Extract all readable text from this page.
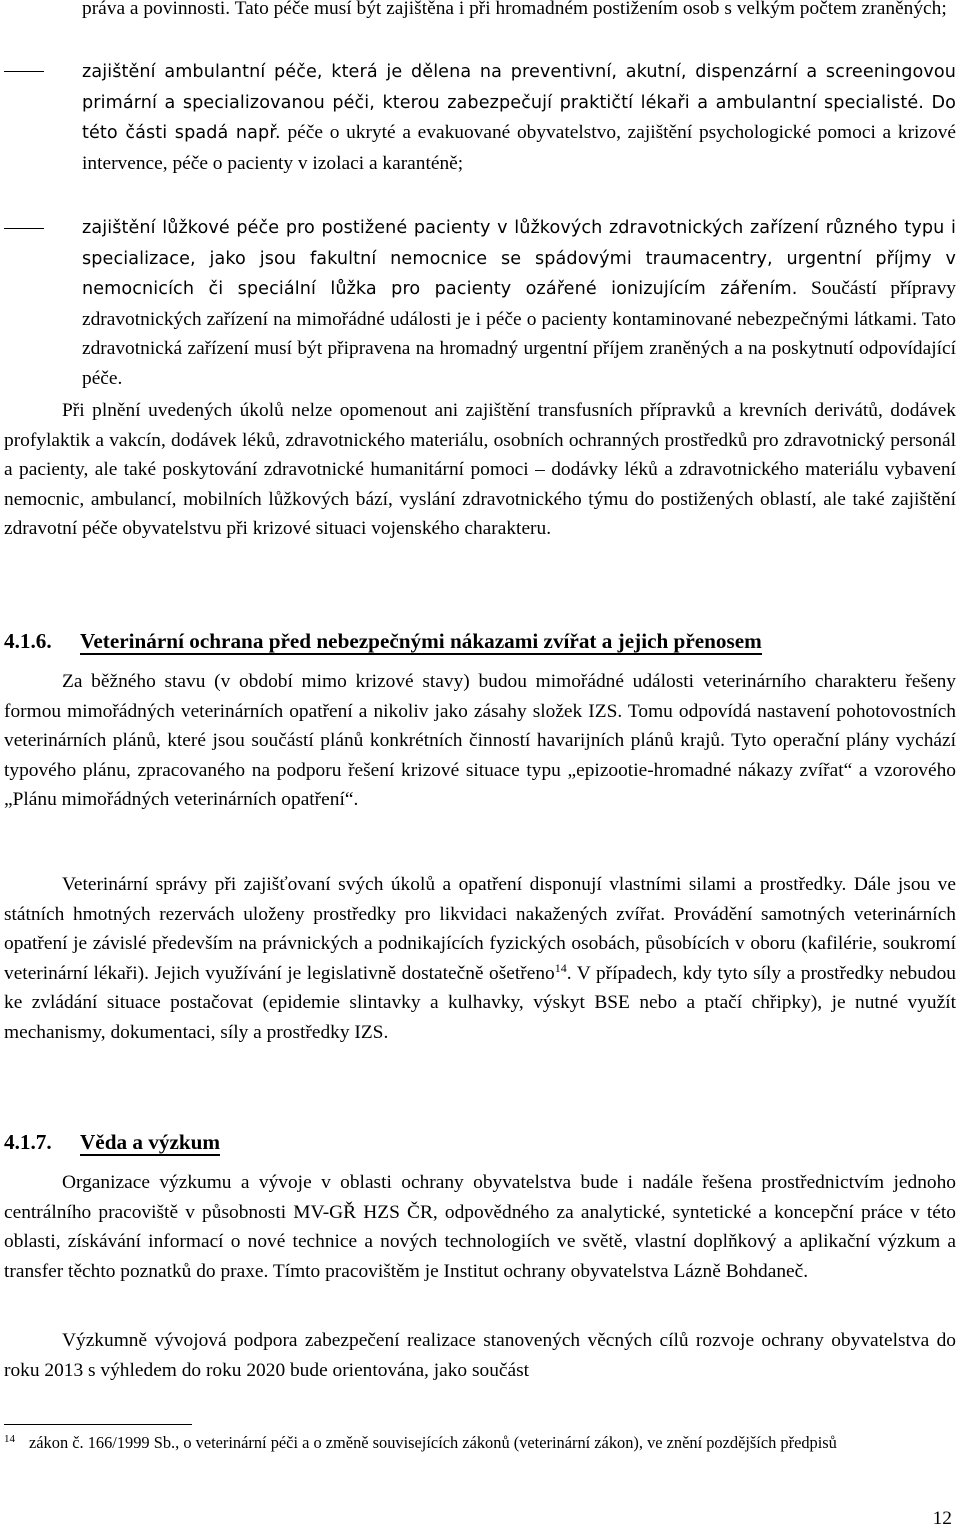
práva a povinnosti. Tato péče musí být zajištěna i při hromadném postižením osob s velkým počtem zraněných;

zajištění ambulantní péče, která je dělena na preventivní, akutní, dispenzární a screeningovou primární a specializovanou péči, kterou zabezpečují praktičtí lékaři a ambulantní specialisté. Do této části spadá např. péče o ukryté a evakuované obyvatelstvo, zajištění psychologické pomoci a krizové intervence, péče o pacienty v izolaci a karanténě;

zajištění lůžkové péče pro postižené pacienty v lůžkových zdravotnických zařízení různého typu i specializace, jako jsou fakultní nemocnice se spádovými traumacentry, urgentní příjmy v nemocnicích či speciální lůžka pro pacienty ozářené ionizujícím zářením. Součástí přípravy zdravotnických zařízení na mimořádné události je i péče o pacienty kontaminované nebezpečnými látkami. Tato zdravotnická zařízení musí být připravena na hromadný urgentní příjem zraněných a na poskytnutí odpovídající péče.

Při plnění uvedených úkolů nelze opomenout ani zajištění transfusních přípravků a krevních derivátů, dodávek profylaktik a vakcín, dodávek léků, zdravotnického materiálu, osobních ochranných prostředků pro zdravotnický personál a pacienty, ale také poskytování zdravotnické humanitární pomoci – dodávky léků a zdravotnického materiálu vybavení nemocnic, ambulancí, mobilních lůžkových bází, vyslání zdravotnického týmu do postižených oblastí, ale také zajištění zdravotní péče obyvatelstvu při krizové situaci vojenského charakteru.

4.1.6. Veterinární ochrana před nebezpečnými nákazami zvířat a jejich přenosem

Za běžného stavu (v období mimo krizové stavy) budou mimořádné události veterinárního charakteru řešeny formou mimořádných veterinárních opatření a nikoliv jako zásahy složek IZS. Tomu odpovídá nastavení pohotovostních veterinárních plánů, které jsou součástí plánů konkrétních činností havarijních plánů krajů. Tyto operační plány vychází typového plánu, zpracovaného na podporu řešení krizové situace typu „epizootie-hromadné nákazy zvířat“ a vzorového „Plánu mimořádných veterinárních opatření“.

Veterinární správy při zajišťovaní svých úkolů a opatření disponují vlastními silami a prostředky. Dále jsou ve státních hmotných rezervách uloženy prostředky pro likvidaci nakažených zvířat. Provádění samotných veterinárních opatření je závislé především na právnických a podnikajících fyzických osobách, působících v oboru (kafilérie, soukromí veterinární lékaři). Jejich využívání je legislativně dostatečně ošetřeno$^{14}$. V případech, kdy tyto síly a prostředky nebudou ke zvládání situace postačovat (epidemie slintavky a kulhavky, výskyt BSE nebo a ptačí chřipky), je nutné využít mechanismy, dokumentaci, síly a prostředky IZS.

4.1.7. Věda a výzkum

Organizace výzkumu a vývoje v oblasti ochrany obyvatelstva bude i nadále řešena prostřednictvím jednoho centrálního pracoviště v působnosti MV-GŘ HZS ČR, odpovědného za analytické, syntetické a koncepční práce v této oblasti, získávání informací o nové technice a nových technologiích ve světě, vlastní doplňkový a aplikační výzkum a transfer těchto poznatků do praxe. Tímto pracovištěm je Institut ochrany obyvatelstva Lázně Bohdaneč.

Výzkumně vývojová podpora zabezpečení realizace stanovených věcných cílů rozvoje ochrany obyvatelstva do roku 2013 s výhledem do roku 2020 bude orientována, jako součást

$^{14}$ zákon č. 166/1999 Sb., o veterinární péči a o změně souvisejících zákonů (veterinární zákon), ve znění pozdějších předpisů

12
